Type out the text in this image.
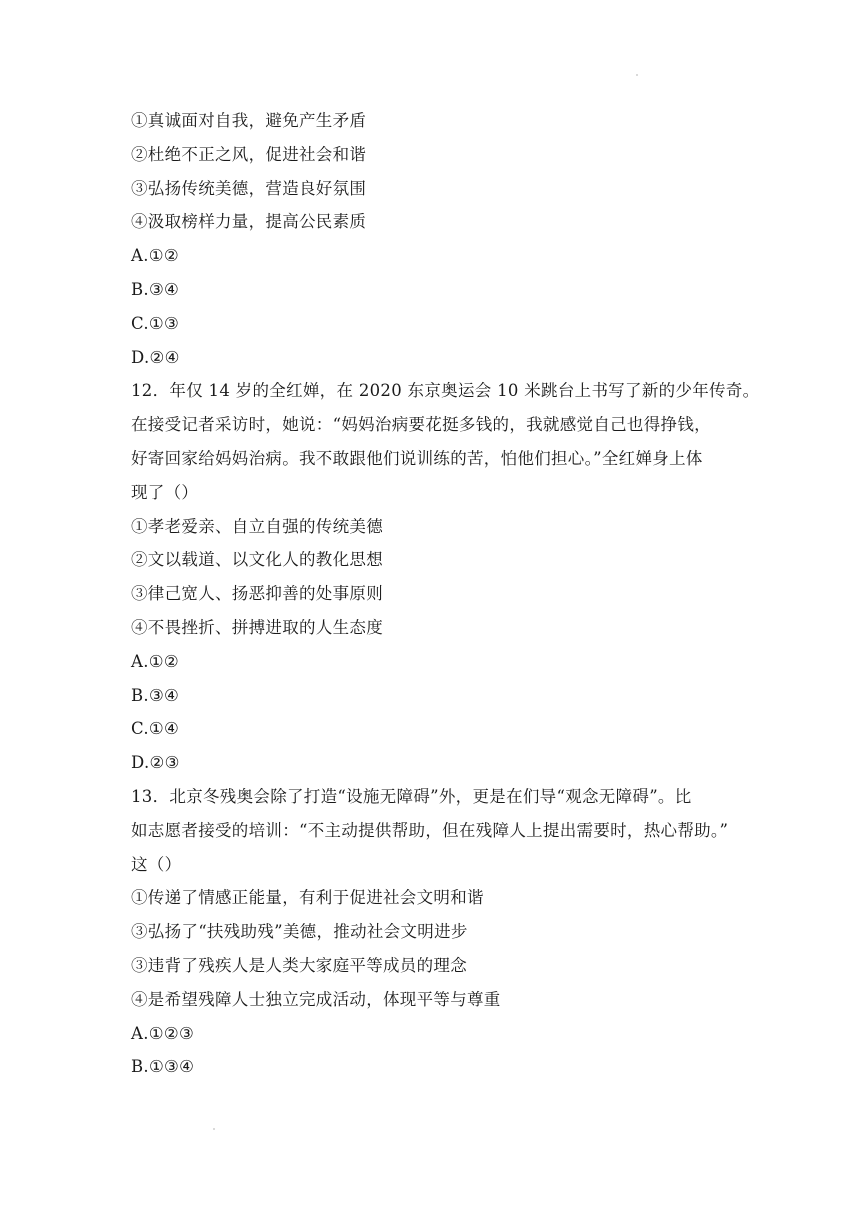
①真诚面对自我，避免产生矛盾
②杜绝不正之风，促进社会和谐
③弘扬传统美德，营造良好氛围
④汲取榜样力量，提高公民素质
A.①②
B.③④
C.①③
D.②④
12．年仅 14 岁的全红婵，在 2020 东京奥运会 10 米跳台上书写了新的少年传奇。
在接受记者采访时，她说：“妈妈治病要花挺多钱的，我就感觉自己也得挣钱，
好寄回家给妈妈治病。我不敢跟他们说训练的苦，怕他们担心。”全红婵身上体
现了（）
①孝老爱亲、自立自强的传统美德
②文以载道、以文化人的教化思想
③律己宽人、扬恶抑善的处事原则
④不畏挫折、拼搏进取的人生态度
A.①②
B.③④
C.①④
D.②③
13．北京冬残奥会除了打造“设施无障碍”外，更是在们导“观念无障碍”。比
如志愿者接受的培训：“不主动提供帮助，但在残障人上提出需要时，热心帮助。”
这（）
①传递了情感正能量，有利于促进社会文明和谐
③弘扬了“扶残助残”美德，推动社会文明进步
③违背了残疾人是人类大家庭平等成员的理念
④是希望残障人士独立完成活动，体现平等与尊重
A.①②③
B.①③④
